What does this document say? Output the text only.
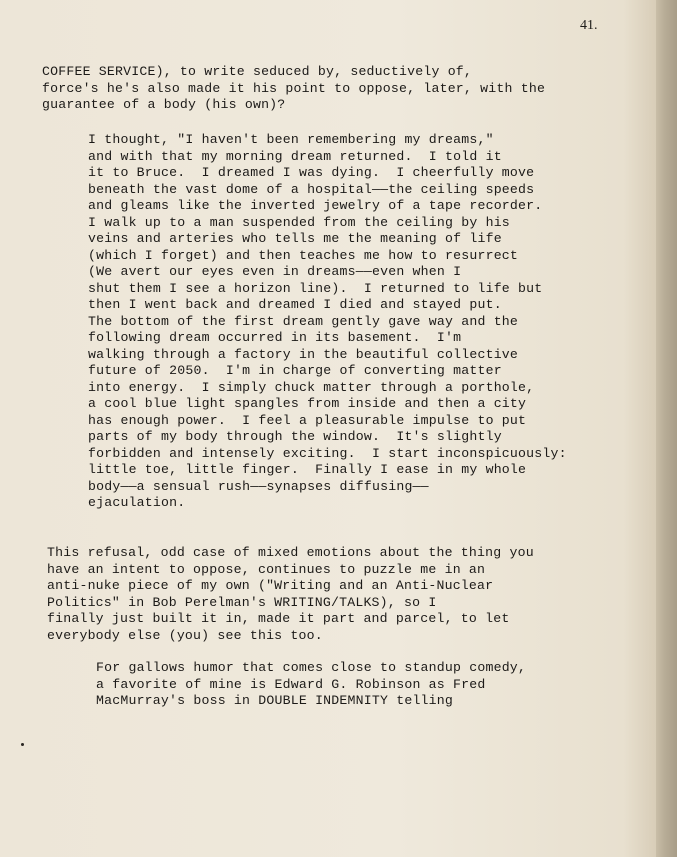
41.
COFFEE SERVICE), to write seduced by, seductively of,
force's he's also made it his point to oppose, later, with the
guarantee of a body (his own)?
I thought, "I haven't been remembering my dreams,"
and with that my morning dream returned.  I told it
it to Bruce.  I dreamed I was dying.  I cheerfully move
beneath the vast dome of a hospital——the ceiling speeds
and gleams like the inverted jewelry of a tape recorder.
I walk up to a man suspended from the ceiling by his
veins and arteries who tells me the meaning of life
(which I forget) and then teaches me how to resurrect
(We avert our eyes even in dreams——even when I
shut them I see a horizon line).  I returned to life but
then I went back and dreamed I died and stayed put.
The bottom of the first dream gently gave way and the
following dream occurred in its basement.  I'm
walking through a factory in the beautiful collective
future of 2050.  I'm in charge of converting matter
into energy.  I simply chuck matter through a porthole,
a cool blue light spangles from inside and then a city
has enough power.  I feel a pleasurable impulse to put
parts of my body through the window.  It's slightly
forbidden and intensely exciting.  I start inconspicuously:
little toe, little finger.  Finally I ease in my whole
body——a sensual rush——synapses diffusing——
ejaculation.
This refusal, odd case of mixed emotions about the thing you
have an intent to oppose, continues to puzzle me in an
anti-nuke piece of my own ("Writing and an Anti-Nuclear
Politics" in Bob Perelman's WRITING/TALKS), so I
finally just built it in, made it part and parcel, to let
everybody else (you) see this too.
For gallows humor that comes close to standup comedy,
a favorite of mine is Edward G. Robinson as Fred
MacMurray's boss in DOUBLE INDEMNITY telling
